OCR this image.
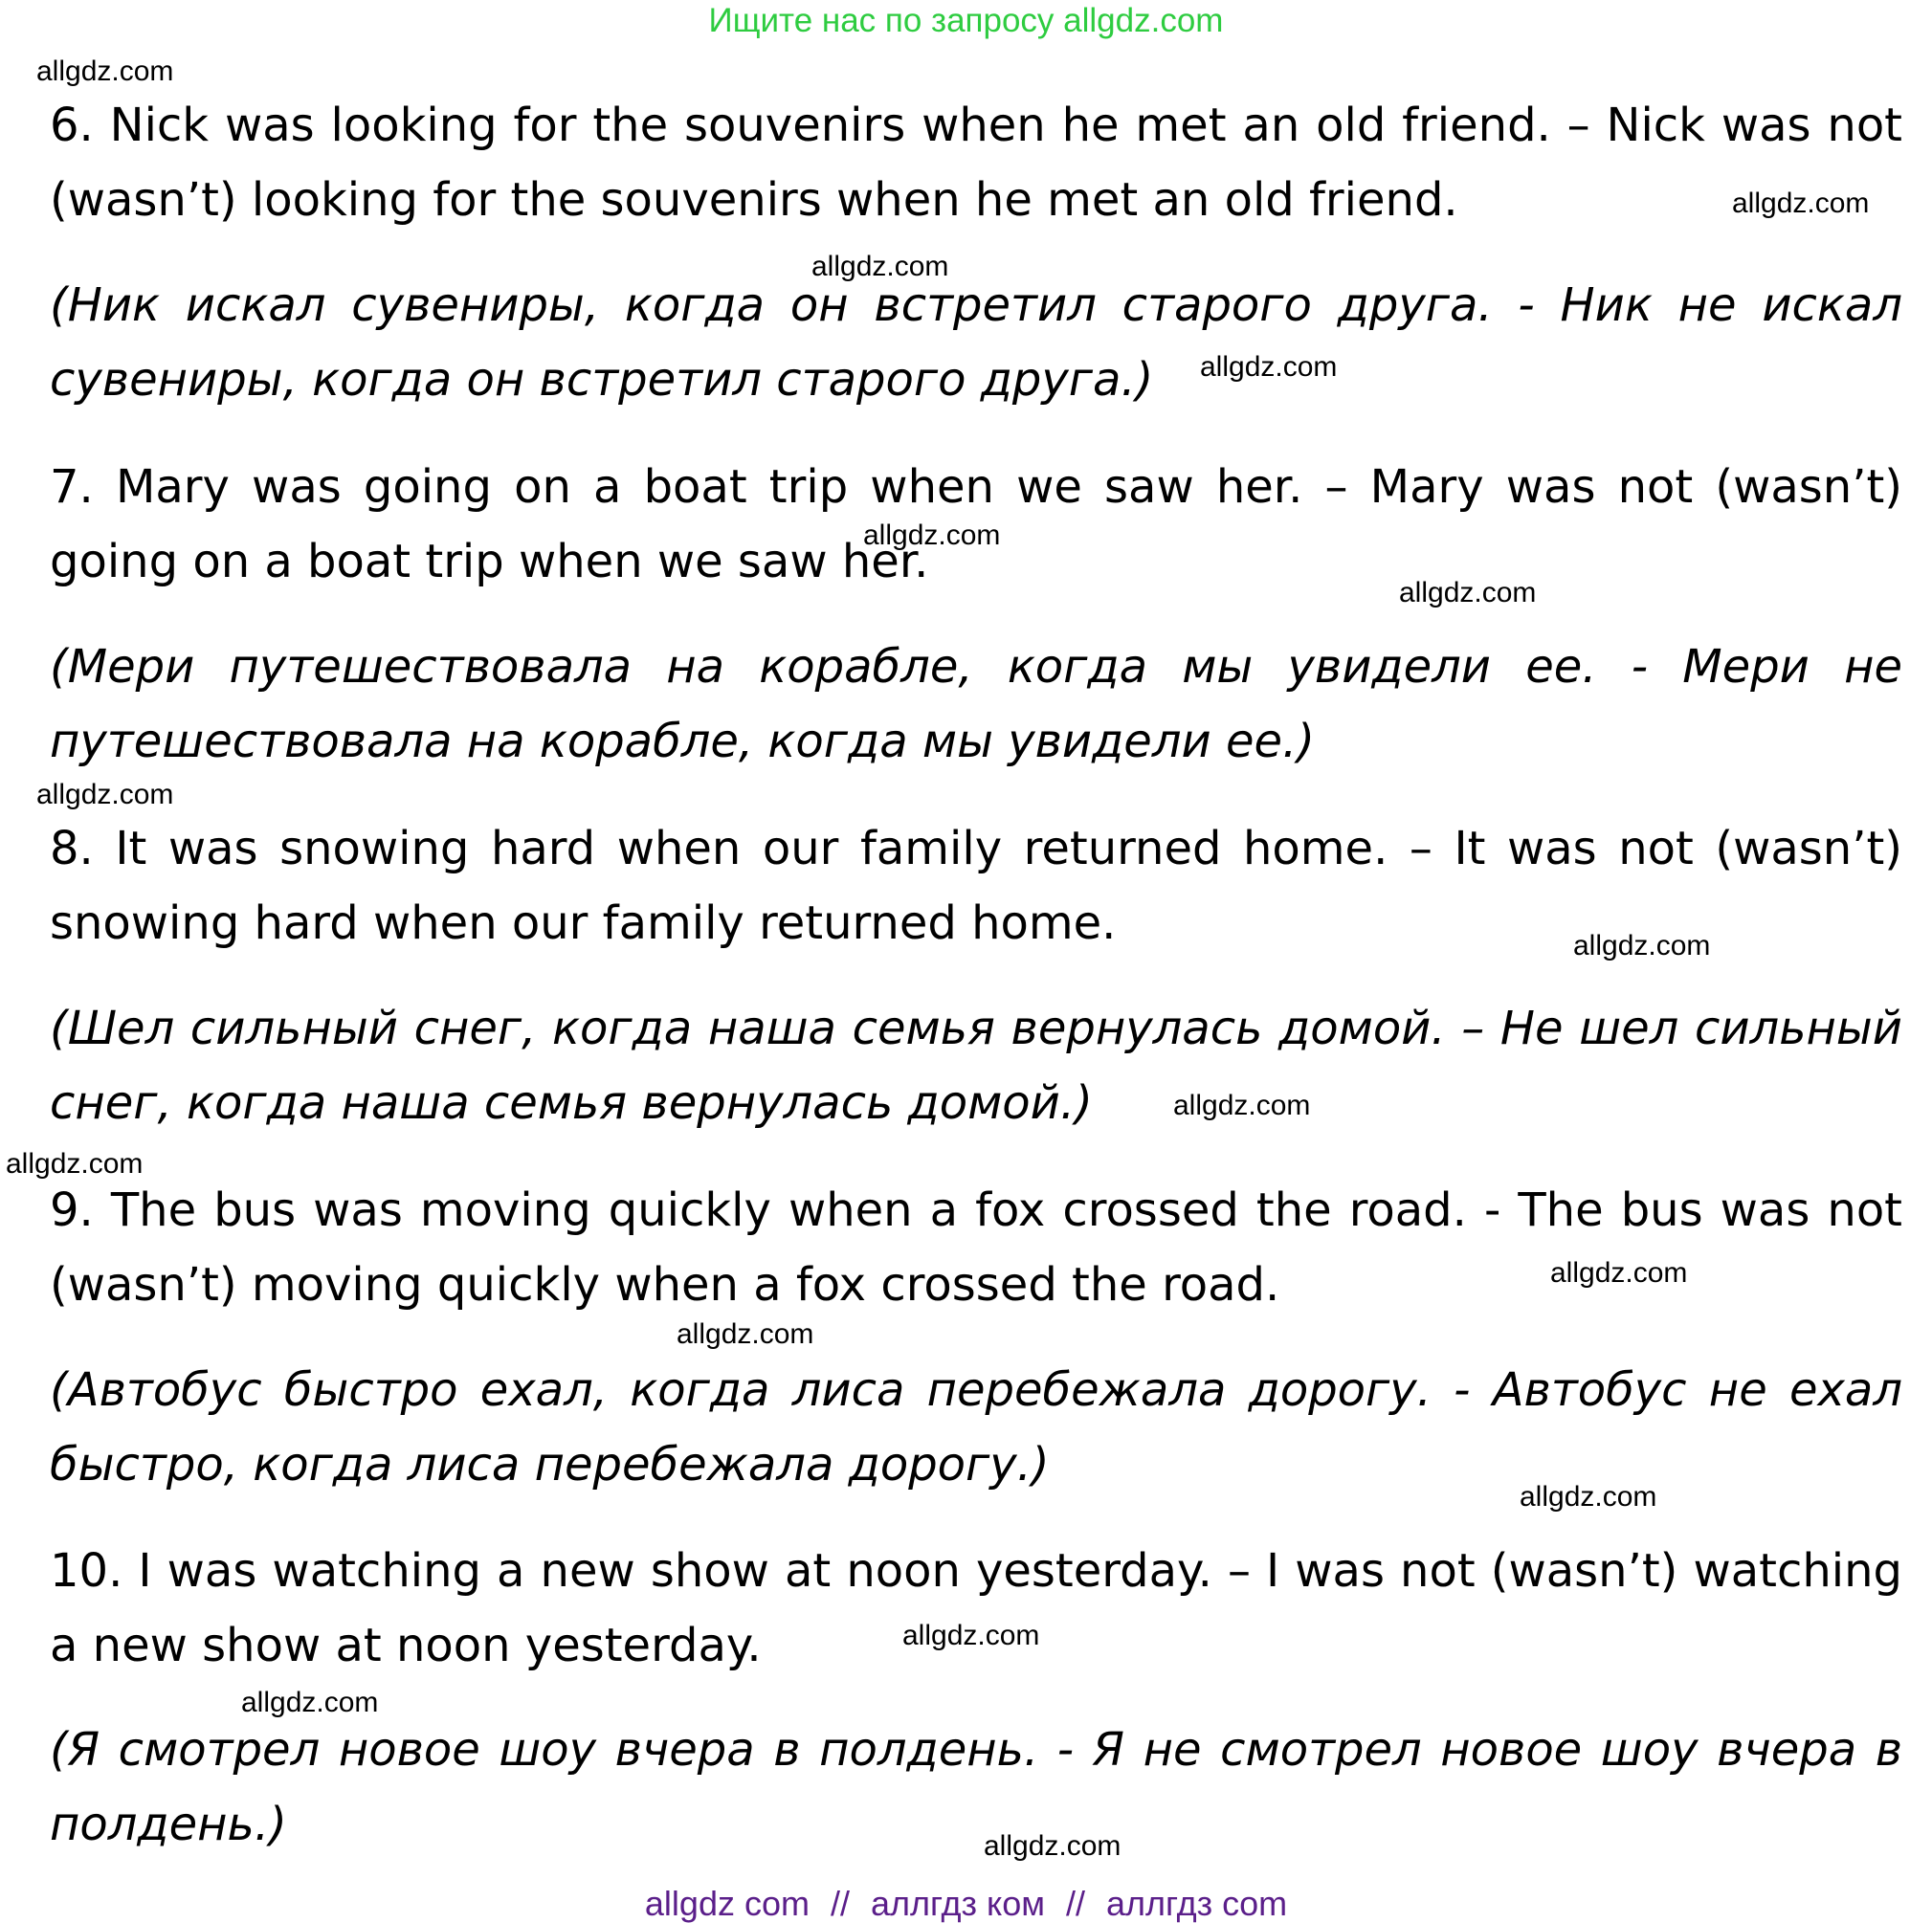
Ищите нас по запросу allgdz.com
6. Nick was looking for the souvenirs when he met an old friend. – Nick was not (wasn’t) looking for the souvenirs when he met an old friend.
(Ник искал сувениры, когда он встретил старого друга. - Ник не искал сувениры, когда он встретил старого друга.)
7. Mary was going on a boat trip when we saw her. – Mary was not (wasn’t) going on a boat trip when we saw her.
(Мери путешествовала на корабле, когда мы увидели ее. - Мери не путешествовала на корабле, когда мы увидели ее.)
8. It was snowing hard when our family returned home. – It was not (wasn’t) snowing hard when our family returned home.
(Шел сильный снег, когда наша семья вернулась домой. – Не шел сильный снег, когда наша семья вернулась домой.)
9. The bus was moving quickly when a fox crossed the road. - The bus was not (wasn’t) moving quickly when a fox crossed the road.
(Автобус быстро ехал, когда лиса перебежала дорогу. - Автобус не ехал быстро, когда лиса перебежала дорогу.)
10. I was watching a new show at noon yesterday. – I was not (wasn’t) watching a new show at noon yesterday.
(Я смотрел новое шоу вчера в полдень. - Я не смотрел новое шоу вчера в полдень.)
allgdz.com
allgdz.com
allgdz.com
allgdz.com
allgdz.com
allgdz.com
allgdz.com
allgdz.com
allgdz.com
allgdz.com
allgdz.com
allgdz.com
allgdz.com
allgdz.com
allgdz.com
allgdz.com
allgdz com // аллгдз ком // аллгдз com
